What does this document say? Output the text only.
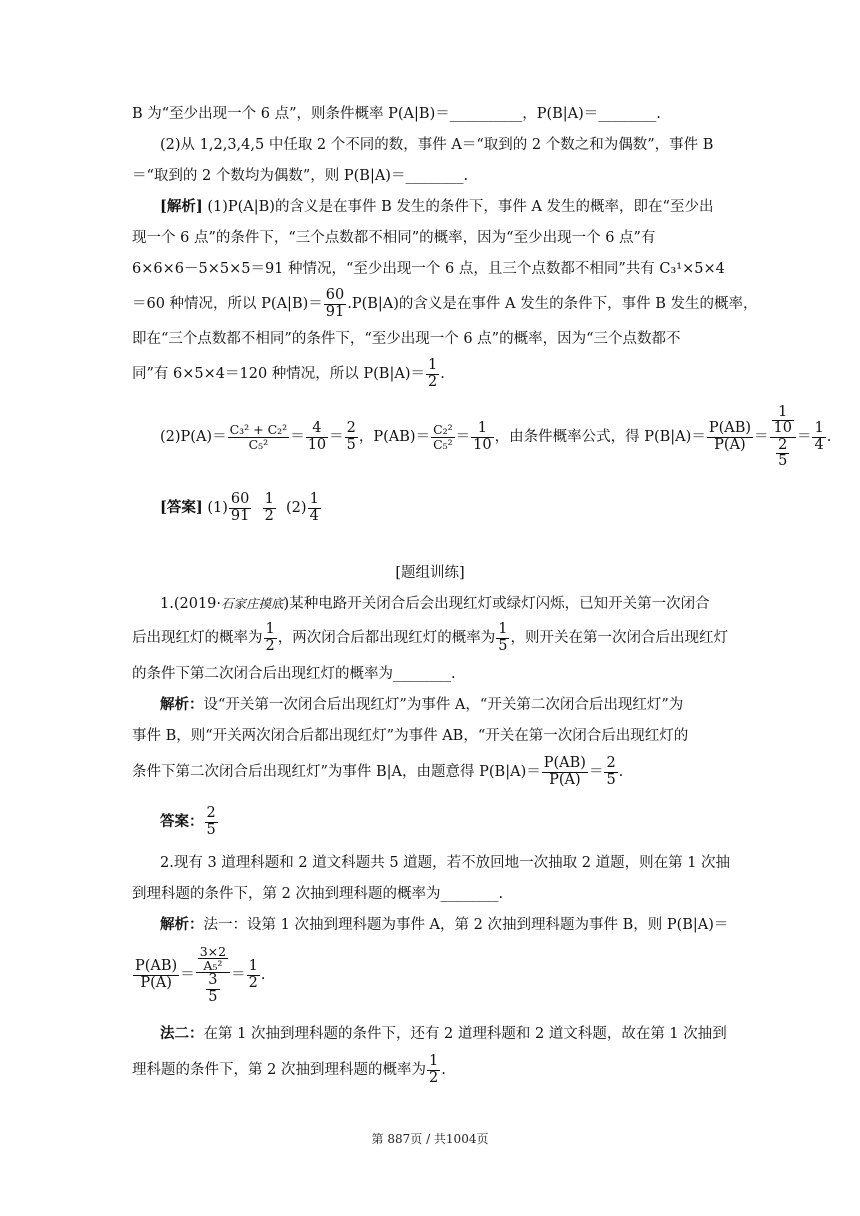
B 为“至少出现一个 6 点”，则条件概率 P(A|B)＝__________，P(B|A)＝________.
(2)从 1,2,3,4,5 中任取 2 个不同的数，事件 A＝“取到的 2 个数之和为偶数”，事件 B
＝“取到的 2 个数均为偶数”，则 P(B|A)＝________.
[解析] (1)P(A|B)的含义是在事件 B 发生的条件下，事件 A 发生的概率，即在“至少出
现一个 6 点”的条件下，“三个点数都不相同”的概率，因为“至少出现一个 6 点”有
6×6×6－5×5×5＝91 种情况，“至少出现一个 6 点，且三个点数都不相同”共有 C₃¹×5×4
＝60 种情况，所以 $P(A|B)= \frac{60}{91} .P(B|A)$的含义是在事件 A 发生的条件下，事件 B 发生的概率，
即在“三个点数都不相同”的条件下，“至少出现一个 6 点”的概率，因为“三个点数都不
同”有 6×5×4＝120 种情况，所以 $P(B|A)= \frac{1}{2}$ .
$(2)P(A)= \frac{\text{C₃² + C₂²}}{\text{C₅²}} = \frac{4}{10} = \frac{2}{5}$ ，$P(AB)= \frac{\text{C₂²}}{\text{C₅²}} = \frac{1}{10}$ ，由条件概率公式，得 $P(B|A)= \frac{P(AB)}{P(A)} = \frac{\frac{1}{10}}{\frac{2}{5}} = \frac{1}{4}$ .
[答案] $(1) \frac{60}{91}$
$\frac{1}{2} (2) \frac{1}{4}$
[题组训练]
1.(2019·石家庄摸底)某种电路开关闭合后会出现红灯或绿灯闪烁，已知开关第一次闭合
后出现红灯的概率为 $\frac{1}{2}$ ，两次闭合后都出现红灯的概率为 $\frac{1}{5}$ ，则开关在第一次闭合后出现红灯
的条件下第二次闭合后出现红灯的概率为________.
解析：设“开关第一次闭合后出现红灯”为事件 A，“开关第二次闭合后出现红灯”为
事件 B，则“开关两次闭合后都出现红灯”为事件 AB，“开关在第一次闭合后出现红灯的
条件下第二次闭合后出现红灯”为事件 B|A，由题意得 $P(B|A)= \frac{P(AB)}{P(A)} = \frac{2}{5}$ .
答案： $\frac{2}{5}$
2.现有 3 道理科题和 2 道文科题共 5 道题，若不放回地一次抽取 2 道题，则在第 1 次抽
到理科题的条件下，第 2 次抽到理科题的概率为________.
解析：法一：设第 1 次抽到理科题为事件 A，第 2 次抽到理科题为事件 B，则 P(B|A)＝
$\frac{P(AB)}{P(A)} = \frac{\frac{3\times 2}{\text{A₅²}}}{\frac{3}{5}} = \frac{1}{2}$ .
法二：在第 1 次抽到理科题的条件下，还有 2 道理科题和 2 道文科题，故在第 1 次抽到
理科题的条件下，第 2 次抽到理科题的概率为 $\frac{1}{2}$ .
第 887页 / 共1004页
